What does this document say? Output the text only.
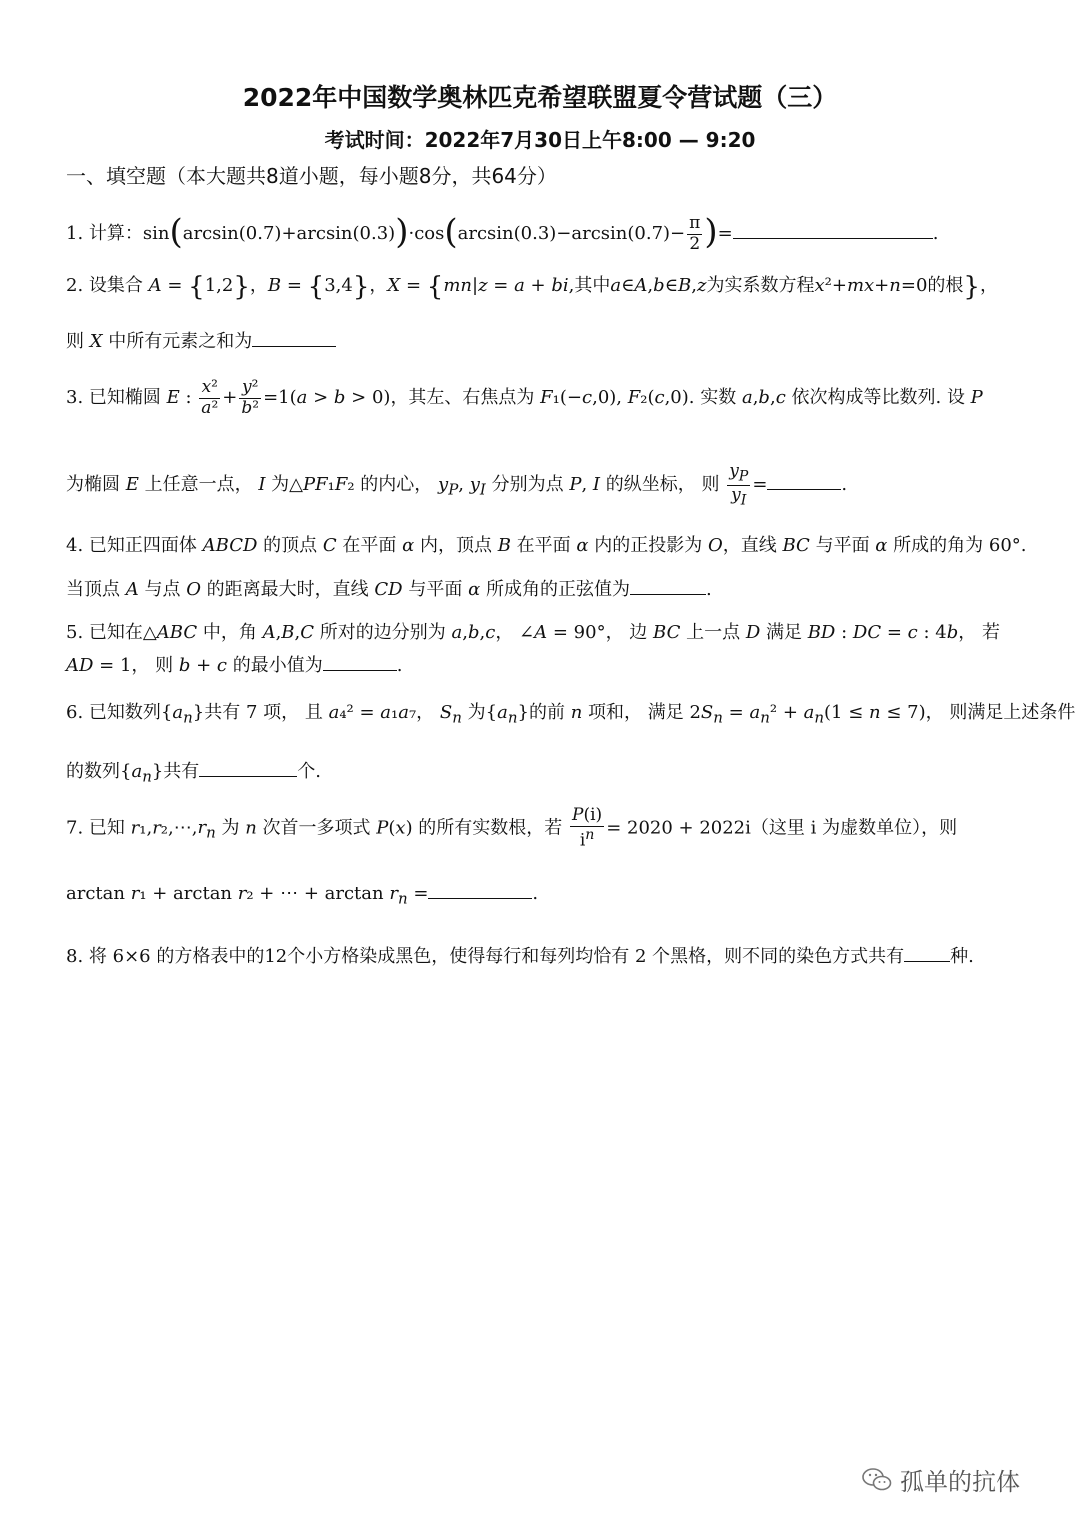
2022年中国数学奥林匹克希望联盟夏令营试题（三）
考试时间：2022年7月30日上午8:00 — 9:20
一、填空题（本大题共8道小题，每小题8分，共64分）
1. 计算：$\sin(\arcsin(0.7)+\arcsin(0.3))\cdot\cos(\arcsin(0.3)-\arcsin(0.7)- \frac{\pi}{2}$ )=	.
2. 设集合 A = {1,2}，B = {3,4}，X = {mn|z = a + bi,其中a∈A,b∈B,z为实系数方程x²+mx+n=0的根}，
则 X 中所有元素之和为
3. 已知椭圆 E : $\frac{\text{x²}}{\text{a²}} + \frac{\text{y²}}{\text{b²}} =1(a > b > 0)$，其左、右焦点为 F₁(−c,0), F₂(c,0). 实数 a,b,c 依次构成等比数列. 设 P
为椭圆 E 上任意一点， I 为△PF₁F₂ 的内心， $y_P$, $y_I$ 分别为点 P, I 的纵坐标， 则 $\frac{y_P}{y_I}$ =	.
4. 已知正四面体 ABCD 的顶点 C 在平面 α 内，顶点 B 在平面 α 内的正投影为 O，直线 BC 与平面 α 所成的角为 60°.
当顶点 A 与点 O 的距离最大时，直线 CD 与平面 α 所成角的正弦值为	.
5. 已知在△ABC 中，角 A,B,C 所对的边分别为 a,b,c， ∠A = 90°， 边 BC 上一点 D 满足 BD : DC = c : 4b， 若
AD = 1， 则 b + c 的最小值为	.
6. 已知数列$\{a_n\}$共有 7 项， 且 a₄² = a₁a₇， $S_n$ 为$\{a_n\}$的前 n 项和， 满足 $2S_n = a_n^2 + a_n(1 \le n \le 7)$， 则满足上述条件
的数列$\{a_n\}$共有	个.
7. 已知 $r_1,r_2,\cdots,r_n$ 为 n 次首一多项式 P(x) 的所有实数根，若 $\frac{P(i)}{i^n} = 2020 + 2022i$（这里 i 为虚数单位），则
arctan r₁ + arctan r₂ + ⋯ + $\arctan r_n$ =	.
8. 将 6×6 的方格表中的12个小方格染成黑色，使得每行和每列均恰有 2 个黑格，则不同的染色方式共有	种.
孤单的抗体
